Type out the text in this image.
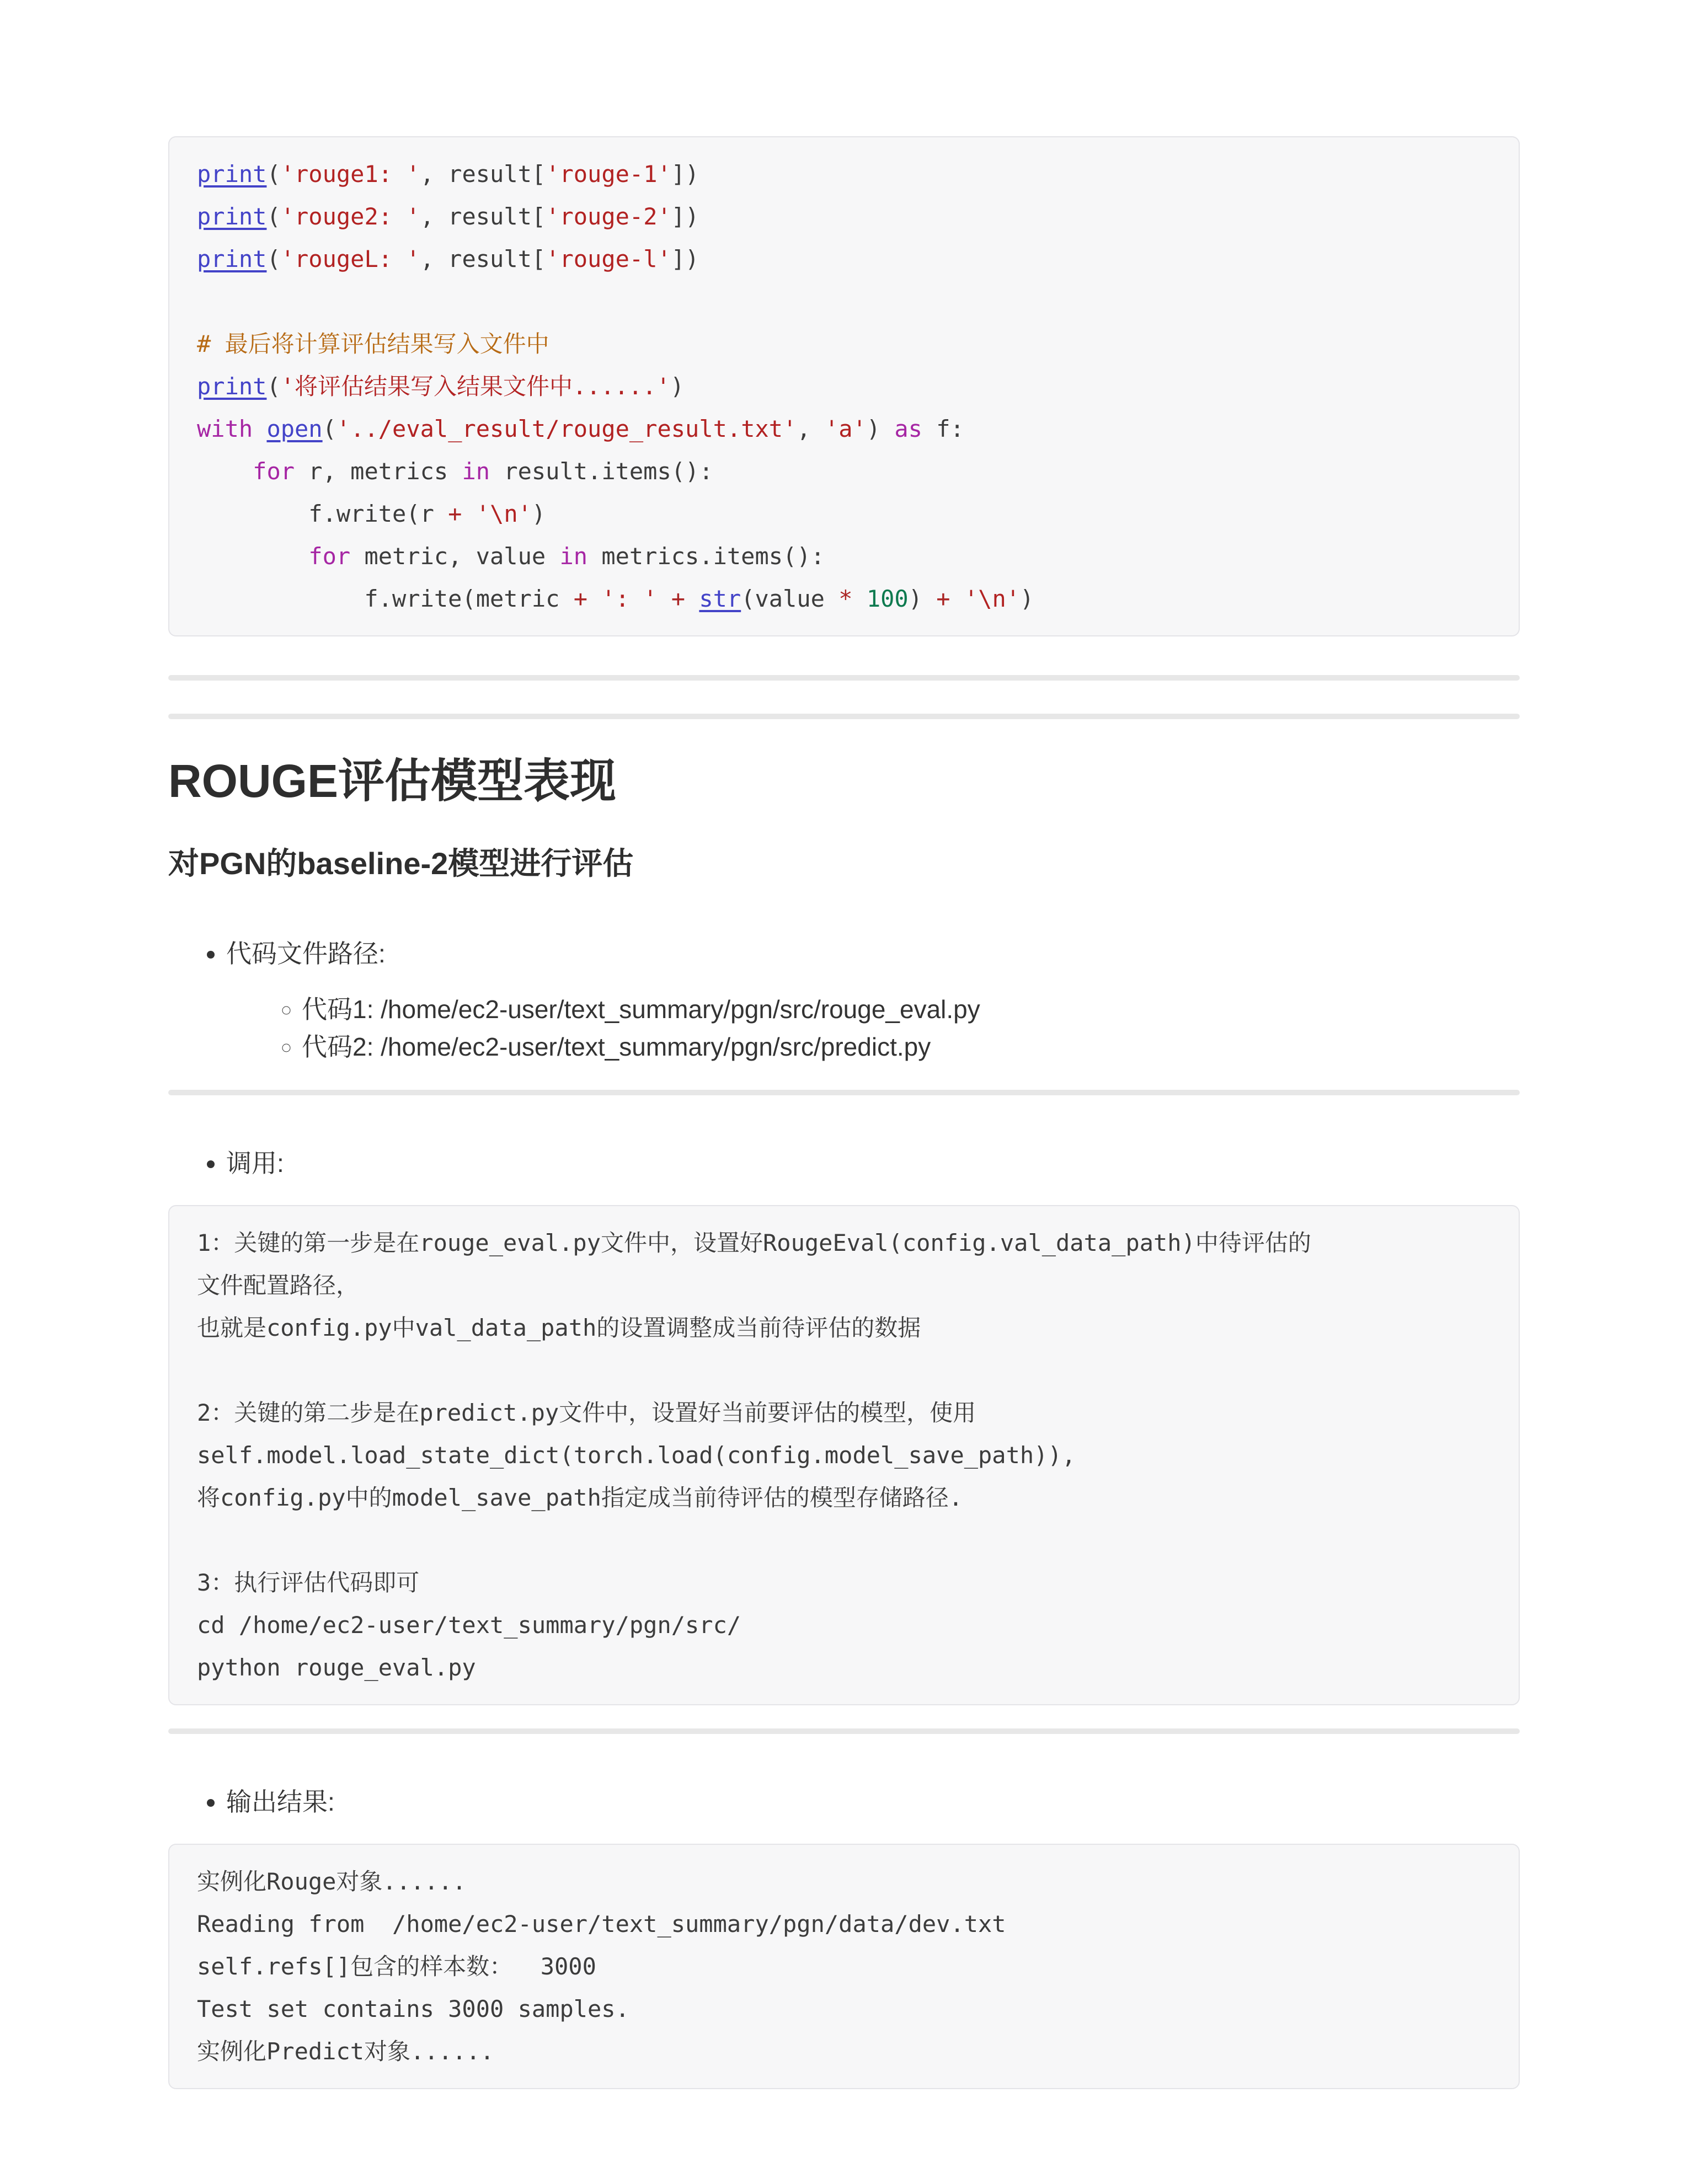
print('rouge1: ', result['rouge-1'])
print('rouge2: ', result['rouge-2'])
print('rougeL: ', result['rouge-l'])

# 最后将计算评估结果写入文件中
print('将评估结果写入结果文件中......')
with open('../eval_result/rouge_result.txt', 'a') as f:
for r, metrics in result.items():
f.write(r + '\n')
for metric, value in metrics.items():
f.write(metric + ': ' + str(value * 100) + '\n')
ROUGE评估模型表现
对PGN的baseline-2模型进行评估
• 代码文件路径:
◦ 代码1: /home/ec2-user/text_summary/pgn/src/rouge_eval.py
◦ 代码2: /home/ec2-user/text_summary/pgn/src/predict.py
• 调用:
1：关键的第一步是在rouge_eval.py文件中，设置好RougeEval(config.val_data_path)中待评估的
文件配置路径，
也就是config.py中val_data_path的设置调整成当前待评估的数据

2：关键的第二步是在predict.py文件中，设置好当前要评估的模型，使用
self.model.load_state_dict(torch.load(config.model_save_path)),
将config.py中的model_save_path指定成当前待评估的模型存储路径.

3：执行评估代码即可
cd /home/ec2-user/text_summary/pgn/src/
python rouge_eval.py
• 输出结果:
实例化Rouge对象......
Reading from  /home/ec2-user/text_summary/pgn/data/dev.txt
self.refs[]包含的样本数：  3000
Test set contains 3000 samples.
实例化Predict对象......
